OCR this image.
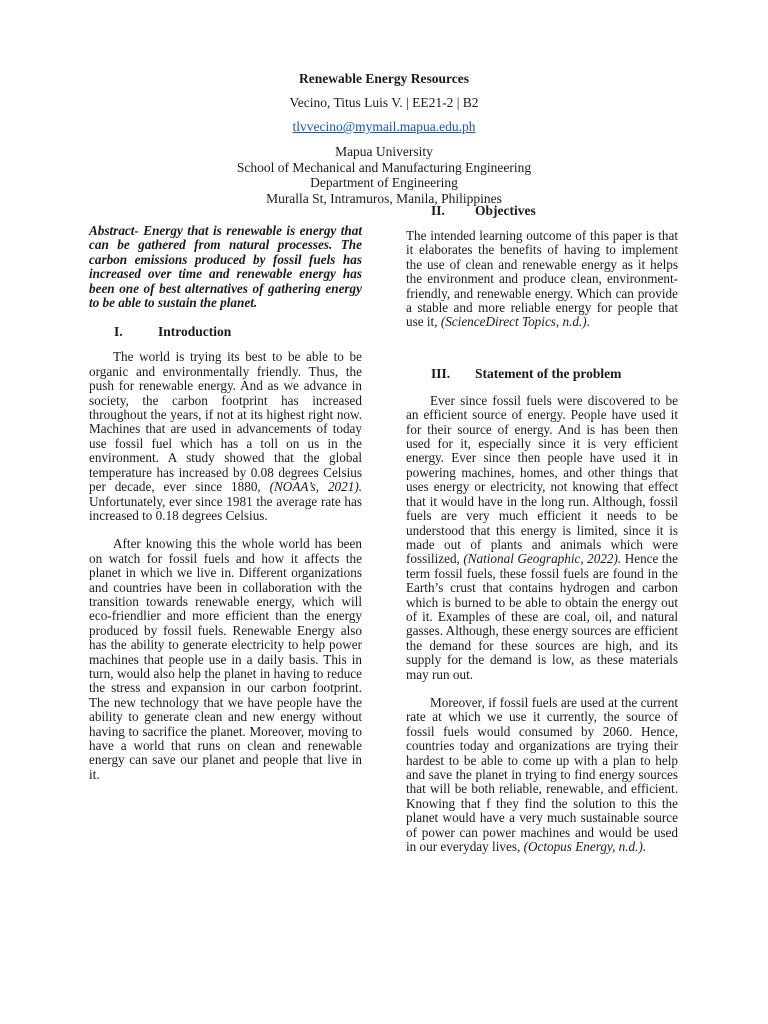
Renewable Energy Resources

Vecino, Titus Luis V. | EE21-2 | B2

tlvvecino@mymail.mapua.edu.ph

Mapua University

School of Mechanical and Manufacturing Engineering

Department of Engineering

Muralla St, Intramuros, Manila, Philippines

Abstract- Energy that is renewable is energy that can be gathered from natural processes. The carbon emissions produced by fossil fuels has increased over time and renewable energy has been one of best alternatives of gathering energy to be able to sustain the planet.

I.	Introduction

The world is trying its best to be able to be organic and environmentally friendly. Thus, the push for renewable energy. And as we advance in society, the carbon footprint has increased throughout the years, if not at its highest right now. Machines that are used in advancements of today use fossil fuel which has a toll on us in the environment. A study showed that the global temperature has increased by 0.08 degrees Celsius per decade, ever since 1880, (NOAA’s, 2021). Unfortunately, ever since 1981 the average rate has increased to 0.18 degrees Celsius.

After knowing this the whole world has been on watch for fossil fuels and how it affects the planet in which we live in. Different organizations and countries have been in collaboration with the transition towards renewable energy, which will eco-friendlier and more efficient than the energy produced by fossil fuels. Renewable Energy also has the ability to generate electricity to help power machines that people use in a daily basis. This in turn, would also help the planet in having to reduce the stress and expansion in our carbon footprint. The new technology that we have people have the ability to generate clean and new energy without having to sacrifice the planet. Moreover, moving to have a world that runs on clean and renewable energy can save our planet and people that live in it.

II.	Objectives

The intended learning outcome of this paper is that it elaborates the benefits of having to implement the use of clean and renewable energy as it helps the environment and produce clean, environment-friendly, and renewable energy. Which can provide a stable and more reliable energy for people that use it, (ScienceDirect Topics, n.d.).

III.	Statement of the problem

Ever since fossil fuels were discovered to be an efficient source of energy. People have used it for their source of energy. And is has been then used for it, especially since it is very efficient energy. Ever since then people have used it in powering machines, homes, and other things that uses energy or electricity, not knowing that effect that it would have in the long run. Although, fossil fuels are very much efficient it needs to be understood that this energy is limited, since it is made out of plants and animals which were fossilized, (National Geographic, 2022). Hence the term fossil fuels, these fossil fuels are found in the Earth’s crust that contains hydrogen and carbon which is burned to be able to obtain the energy out of it. Examples of these are coal, oil, and natural gasses. Although, these energy sources are efficient the demand for these sources are high, and its supply for the demand is low, as these materials may run out.

Moreover, if fossil fuels are used at the current rate at which we use it currently, the source of fossil fuels would consumed by 2060. Hence, countries today and organizations are trying their hardest to be able to come up with a plan to help and save the planet in trying to find energy sources that will be both reliable, renewable, and efficient. Knowing that f they find the solution to this the planet would have a very much sustainable source of power can power machines and would be used in our everyday lives, (Octopus Energy, n.d.).
